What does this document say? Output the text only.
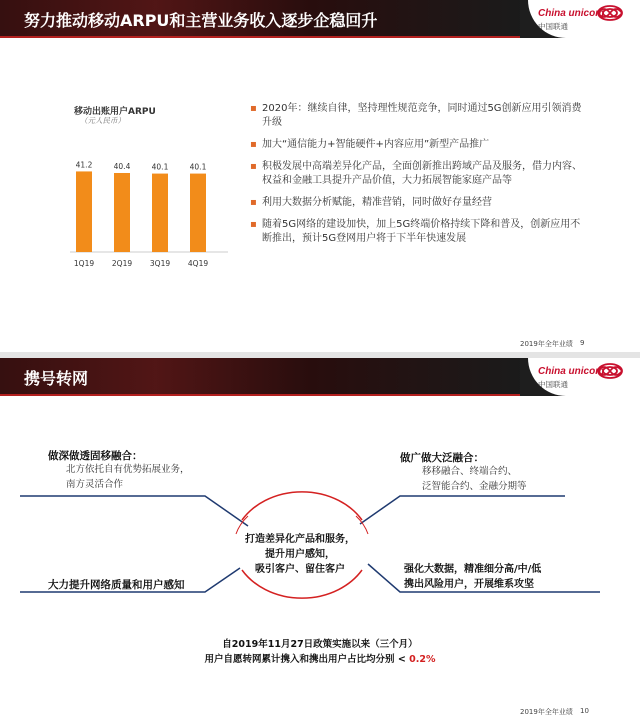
努力推动移动ARPU和主营业务收入逐步企稳回升	China unicom
中国联通
移动出账用户ARPU
（元人民币）
41.2
1Q19
40.4
2Q19
40.1
3Q19
40.1
4Q19
▪ 2020年：继续自律，坚持理性规范竞争，同时通过5G创新应用引领消费升级
▪ 加大“通信能力+智能硬件+内容应用”新型产品推广
▪ 积极发展中高端差异化产品，全面创新推出跨域产品及服务，借力内容、权益和金融工具提升产品价值，大力拓展智能家庭产品等
▪ 利用大数据分析赋能，精准营销，同时做好存量经营
▪ 随着5G网络的建设加快，加上5G终端价格持续下降和普及，创新应用不断推出，预计5G登网用户将于下半年快速发展
2019年全年业绩 9
携号转网	China unicom
中国联通
做深做透固移融合：
北方依托自有优势拓展业务，
南方灵活合作
做广做大泛融合：
移移融合、终端合约、
泛智能合约、金融分期等
大力提升网络质量和用户感知
强化大数据，精准细分高/中/低
携出风险用户，开展维系攻坚
打造差异化产品和服务，
提升用户感知，
吸引客户、留住客户
自2019年11月27日政策实施以来（三个月）
用户自愿转网累计携入和携出用户占比均分别 < 0.2%
2019年全年业绩 10
